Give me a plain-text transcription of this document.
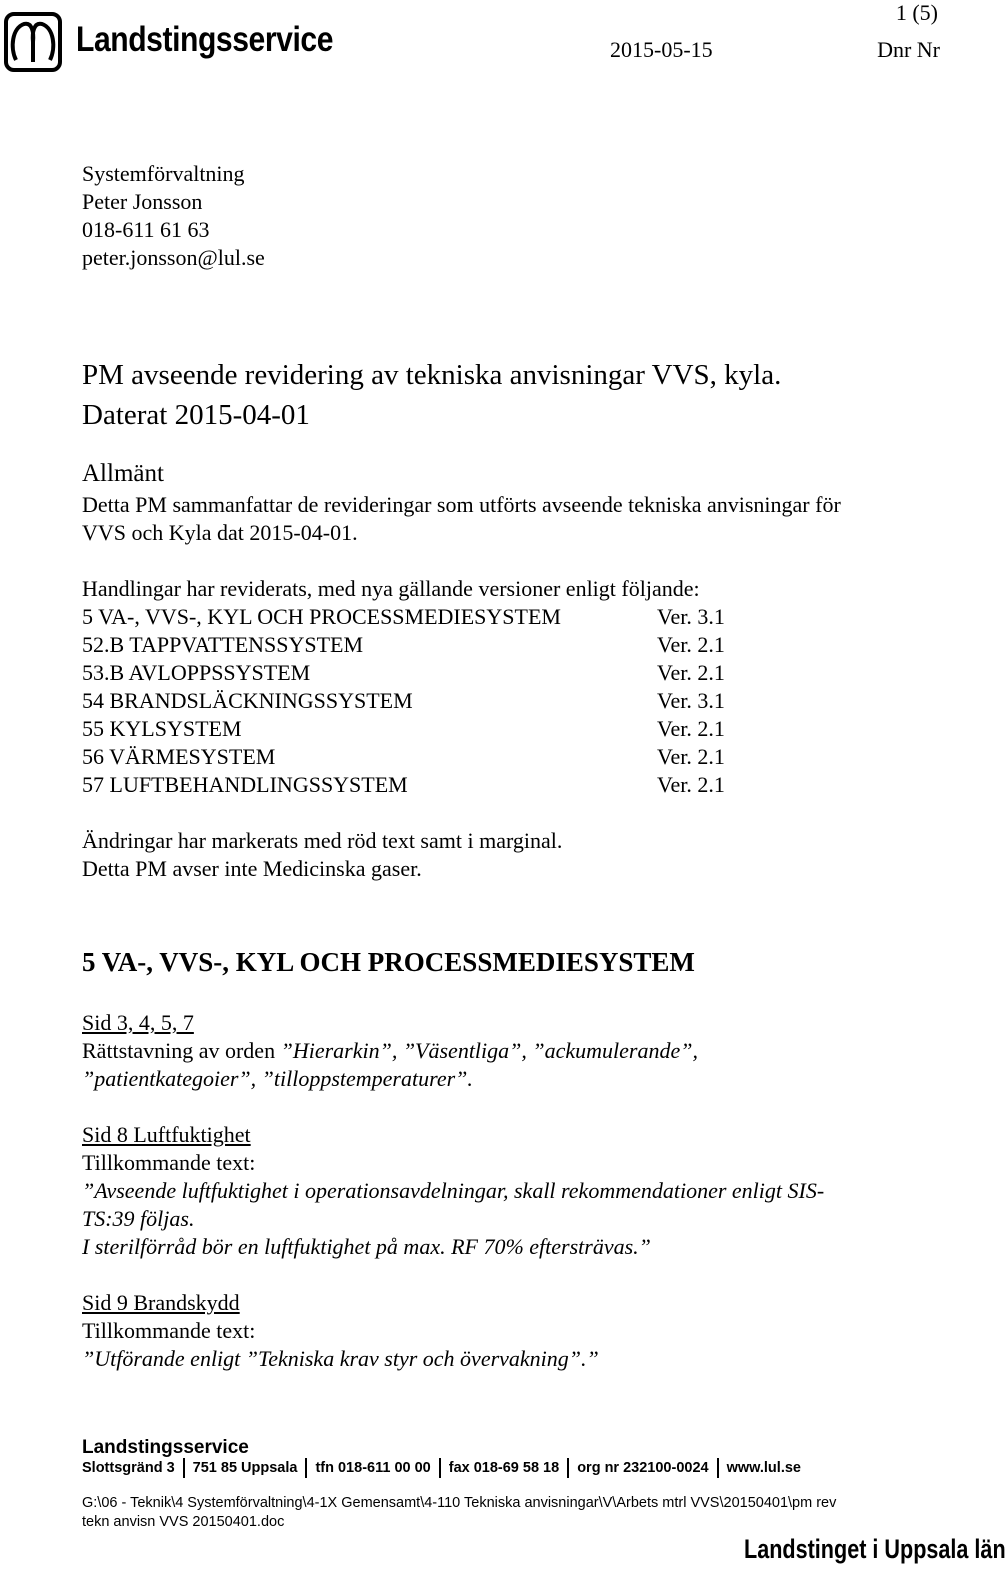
Landstingsservice
1 (5)
2015-05-15	Dnr Nr
Systemförvaltning
Peter Jonsson
018-611 61 63
peter.jonsson@lul.se
PM avseende revidering av tekniska anvisningar VVS, kyla.
Daterat 2015-04-01
Allmänt
Detta PM sammanfattar de revideringar som utförts avseende tekniska anvisningar för
VVS och Kyla dat 2015-04-01.
Handlingar har reviderats, med nya gällande versioner enligt följande:
5 VA-, VVS-, KYL OCH PROCESSMEDIESYSTEM	Ver. 3.1
52.B TAPPVATTENSSYSTEM	Ver. 2.1
53.B AVLOPPSSYSTEM	Ver. 2.1
54 BRANDSLÄCKNINGSSYSTEM	Ver. 3.1
55 KYLSYSTEM	Ver. 2.1
56 VÄRMESYSTEM	Ver. 2.1
57 LUFTBEHANDLINGSSYSTEM	Ver. 2.1
Ändringar har markerats med röd text samt i marginal.
Detta PM avser inte Medicinska gaser.
5 VA-, VVS-, KYL OCH PROCESSMEDIESYSTEM
Sid 3, 4, 5, 7
Rättstavning av orden ”Hierarkin”, ”Väsentliga”, ”ackumulerande”,
”patientkategoier”, ”tilloppstemperaturer”.
Sid 8 Luftfuktighet
Tillkommande text:
”Avseende luftfuktighet i operationsavdelningar, skall rekommendationer enligt SIS-
TS:39 följas.
I sterilförråd bör en luftfuktighet på max. RF 70% eftersträvas.”
Sid 9 Brandskydd
Tillkommande text:
”Utförande enligt ”Tekniska krav styr och övervakning”.”
Landstingsservice
Slottsgränd 3 751 85 Uppsala tfn 018-611 00 00 fax 018-69 58 18 org nr 232100-0024 www.lul.se
G:\06 - Teknik\4 Systemförvaltning\4-1X Gemensamt\4-110 Tekniska anvisningar\V\Arbets mtrl VVS\20150401\pm rev
tekn anvisn VVS 20150401.doc
Landstinget i Uppsala län
